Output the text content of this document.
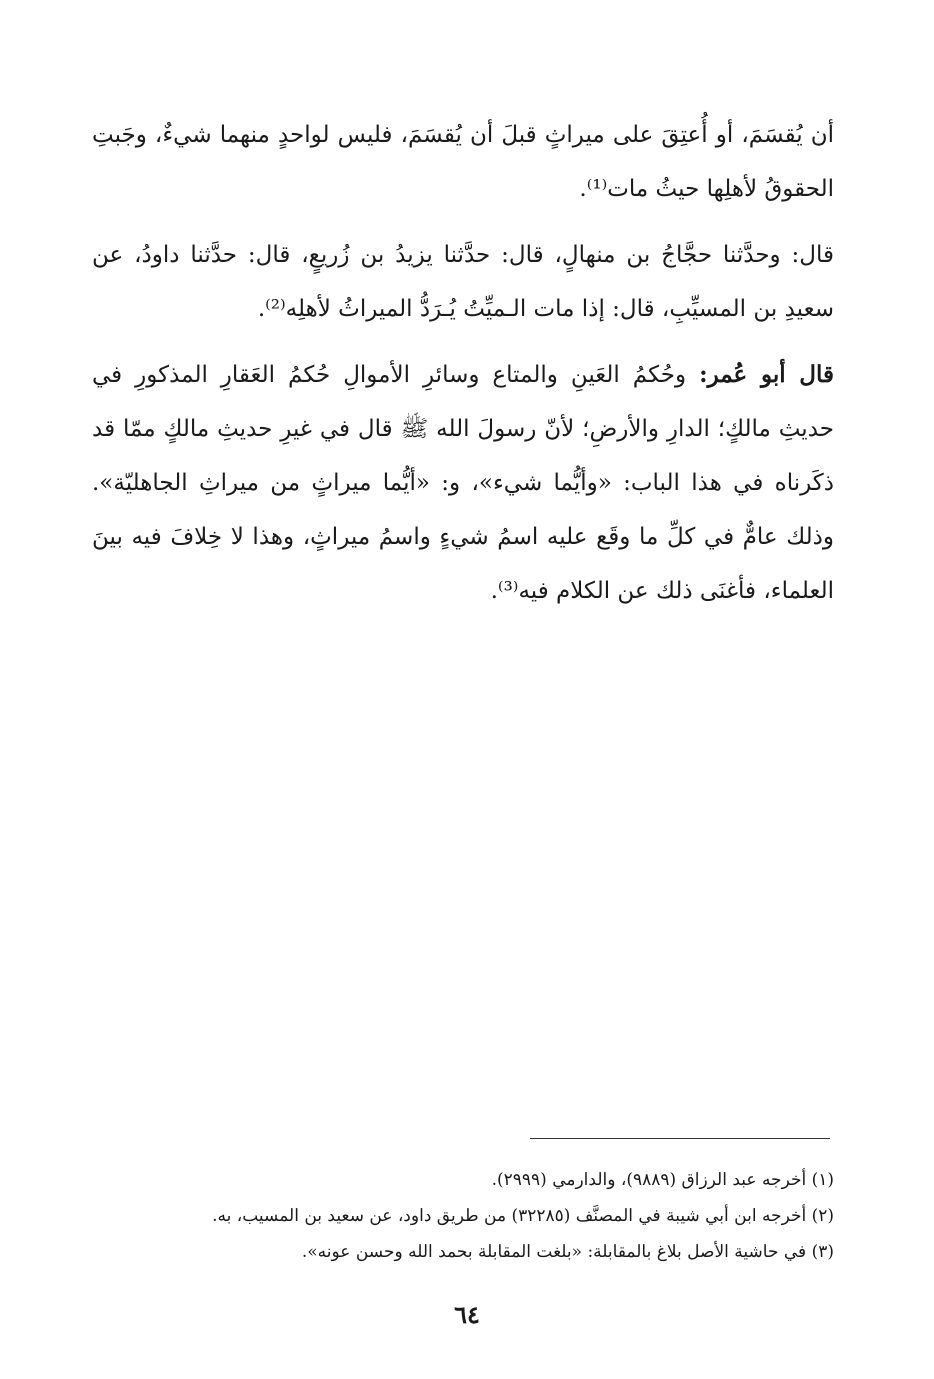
أن يُقسَمَ، أو أُعتِقَ على ميراثٍ قبلَ أن يُقسَمَ، فليس لواحدٍ منهما شيءٌ، وجَبتِ الحقوقُ لأهلِها حيثُ مات⁽¹⁾.

قال: وحدَّثنا حجَّاجُ بن منهالٍ، قال: حدَّثنا يزيدُ بن زُريعٍ، قال: حدَّثنا داودُ، عن سعيدِ بن المسيِّبِ، قال: إذا مات الـميِّتُ يُـرَدُّ الميراثُ لأهلِه⁽²⁾.

قال أبو عُمر: وحُكمُ العَينِ والمتاع وسائرِ الأموالِ حُكمُ العَقارِ المذكورِ في حديثِ مالكٍ؛ الدارِ والأرضِ؛ لأنّ رسولَ الله ﷺ قال في غيرِ حديثِ مالكٍ ممّا قد ذكَرناه في هذا الباب: «وأيُّما شيء»، و: «أيُّما ميراثٍ من ميراثِ الجاهليّة». وذلك عامٌّ في كلِّ ما وقَع عليه اسمُ شيءٍ واسمُ ميراثٍ، وهذا لا خِلافَ فيه بينَ العلماء، فأغنَى ذلك عن الكلام فيه⁽³⁾.

(١) أخرجه عبد الرزاق (٩٨٨٩)، والدارمي (٢٩٩٩).

(٢) أخرجه ابن أبي شيبة في المصنَّف (٣٢٢٨٥) من طريق داود، عن سعيد بن المسيب، به.

(٣) في حاشية الأصل بلاغ بالمقابلة: «بلغت المقابلة بحمد الله وحسن عونه».

٦٤
